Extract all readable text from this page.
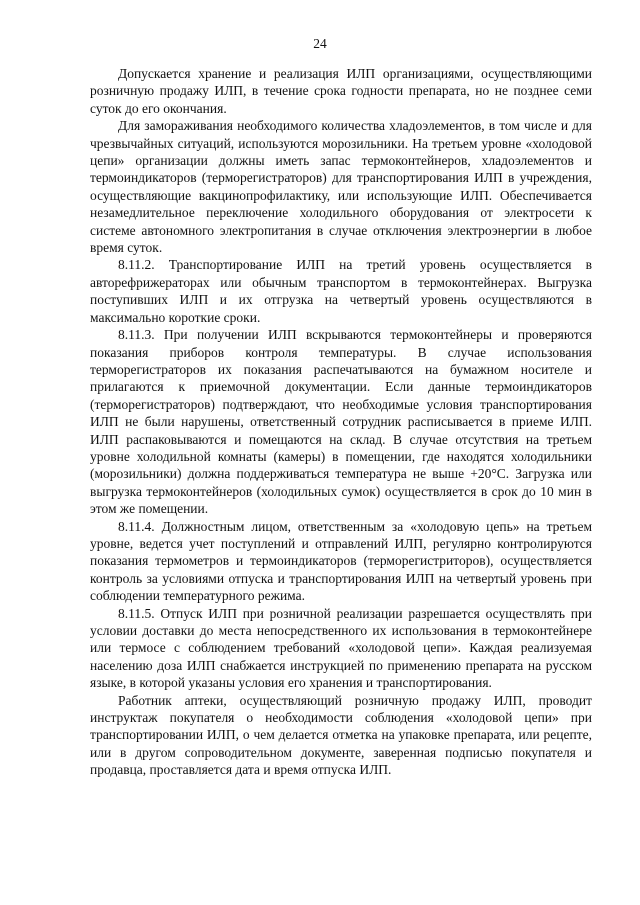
24

Допускается хранение и реализация ИЛП организациями, осуществляющими розничную продажу ИЛП, в течение срока годности препарата, но не позднее семи суток до его окончания.

Для замораживания необходимого количества хладоэлементов, в том числе и для чрезвычайных ситуаций, используются морозильники. На третьем уровне «холодовой цепи» организации должны иметь запас термоконтейнеров, хладоэлементов и термоиндикаторов (терморегистраторов) для транспортирования ИЛП в учреждения, осуществляющие вакцинопрофилактику, или использующие ИЛП. Обеспечивается незамедлительное переключение холодильного оборудования от электросети к системе автономного электропитания в случае отключения электроэнергии в любое время суток.

8.11.2. Транспортирование ИЛП на третий уровень осуществляется в авторефрижераторах или обычным транспортом в термоконтейнерах. Выгрузка поступивших ИЛП и их отгрузка на четвертый уровень осуществляются в максимально короткие сроки.

8.11.3. При получении ИЛП вскрываются термоконтейнеры и проверяются показания приборов контроля температуры. В случае использования терморегистраторов их показания распечатываются на бумажном носителе и прилагаются к приемочной документации. Если данные термоиндикаторов (терморегистраторов) подтверждают, что необходимые условия транспортирования ИЛП не были нарушены, ответственный сотрудник расписывается в приеме ИЛП. ИЛП распаковываются и помещаются на склад. В случае отсутствия на третьем уровне холодильной комнаты (камеры) в помещении, где находятся холодильники (морозильники) должна поддерживаться температура не выше +20°С. Загрузка или выгрузка термоконтейнеров (холодильных сумок) осуществляется в срок до 10 мин в этом же помещении.

8.11.4. Должностным лицом, ответственным за «холодовую цепь» на третьем уровне, ведется учет поступлений и отправлений ИЛП, регулярно контролируются показания термометров и термоиндикаторов (терморегистриторов), осуществляется контроль за условиями отпуска и транспортирования ИЛП на четвертый уровень при соблюдении температурного режима.

8.11.5. Отпуск ИЛП при розничной реализации разрешается осуществлять при условии доставки до места непосредственного их использования в термоконтейнере или термосе с соблюдением требований «холодовой цепи». Каждая реализуемая населению доза ИЛП снабжается инструкцией по применению препарата на русском языке, в которой указаны условия его хранения и транспортирования.

Работник аптеки, осуществляющий розничную продажу ИЛП, проводит инструктаж покупателя о необходимости соблюдения «холодовой цепи» при транспортировании ИЛП, о чем делается отметка на упаковке препарата, или рецепте, или в другом сопроводительном документе, заверенная подписью покупателя и продавца, проставляется дата и время отпуска ИЛП.
